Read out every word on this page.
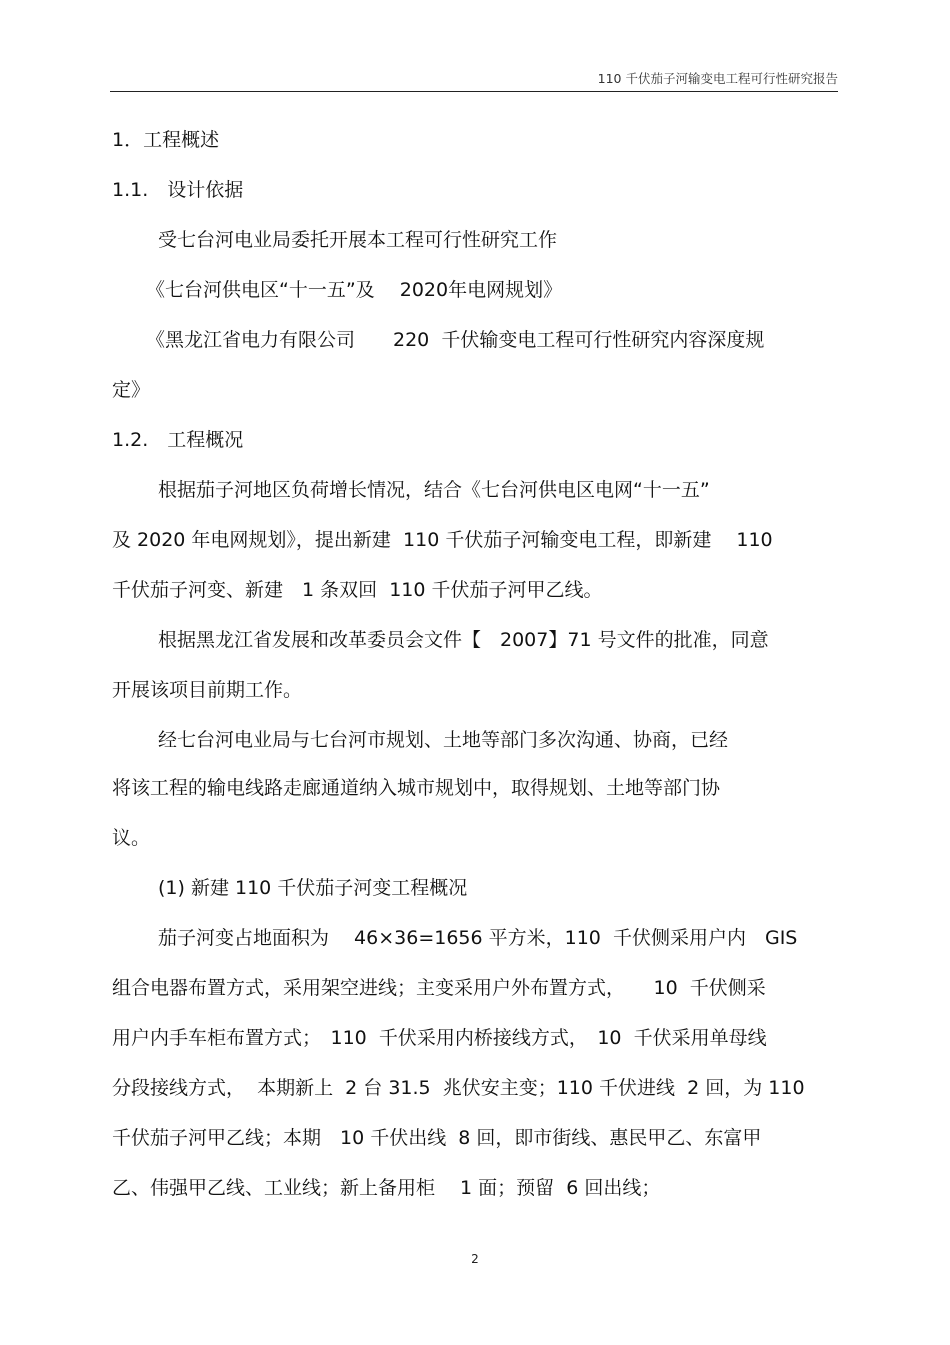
110 千伏茄子河输变电工程可行性研究报告
1．工程概述
1.1.　设计依据
受七台河电业局委托开展本工程可行性研究工作
《七台河供电区“十一五”及　 2020年电网规划》
《黑龙江省电力有限公司　　220  千伏输变电工程可行性研究内容深度规
定》
1.2.　工程概况
根据茄子河地区负荷增长情况，结合《七台河供电区电网“十一五”
及 2020 年电网规划》，提出新建  110 千伏茄子河输变电工程，即新建　 110
千伏茄子河变、新建　1 条双回  110 千伏茄子河甲乙线。
根据黑龙江省发展和改革委员会文件【　2007】71 号文件的批准，同意
开展该项目前期工作。
经七台河电业局与七台河市规划、土地等部门多次沟通、协商，已经
将该工程的输电线路走廊通道纳入城市规划中，取得规划、土地等部门协
议。
(1) 新建 110 千伏茄子河变工程概况
茄子河变占地面积为　 46×36=1656 平方米，110  千伏侧采用户内　GIS
组合电器布置方式，采用架空进线；主变采用户外布置方式，　　10  千伏侧采
用户内手车柜布置方式；　110  千伏采用内桥接线方式，　10  千伏采用单母线
分段接线方式，  本期新上  2 台 31.5  兆伏安主变；110 千伏进线  2 回，为 110
千伏茄子河甲乙线；本期　10 千伏出线  8 回，即市街线、惠民甲乙、东富甲
乙、伟强甲乙线、工业线；新上备用柜　 1 面；预留  6 回出线；
2
